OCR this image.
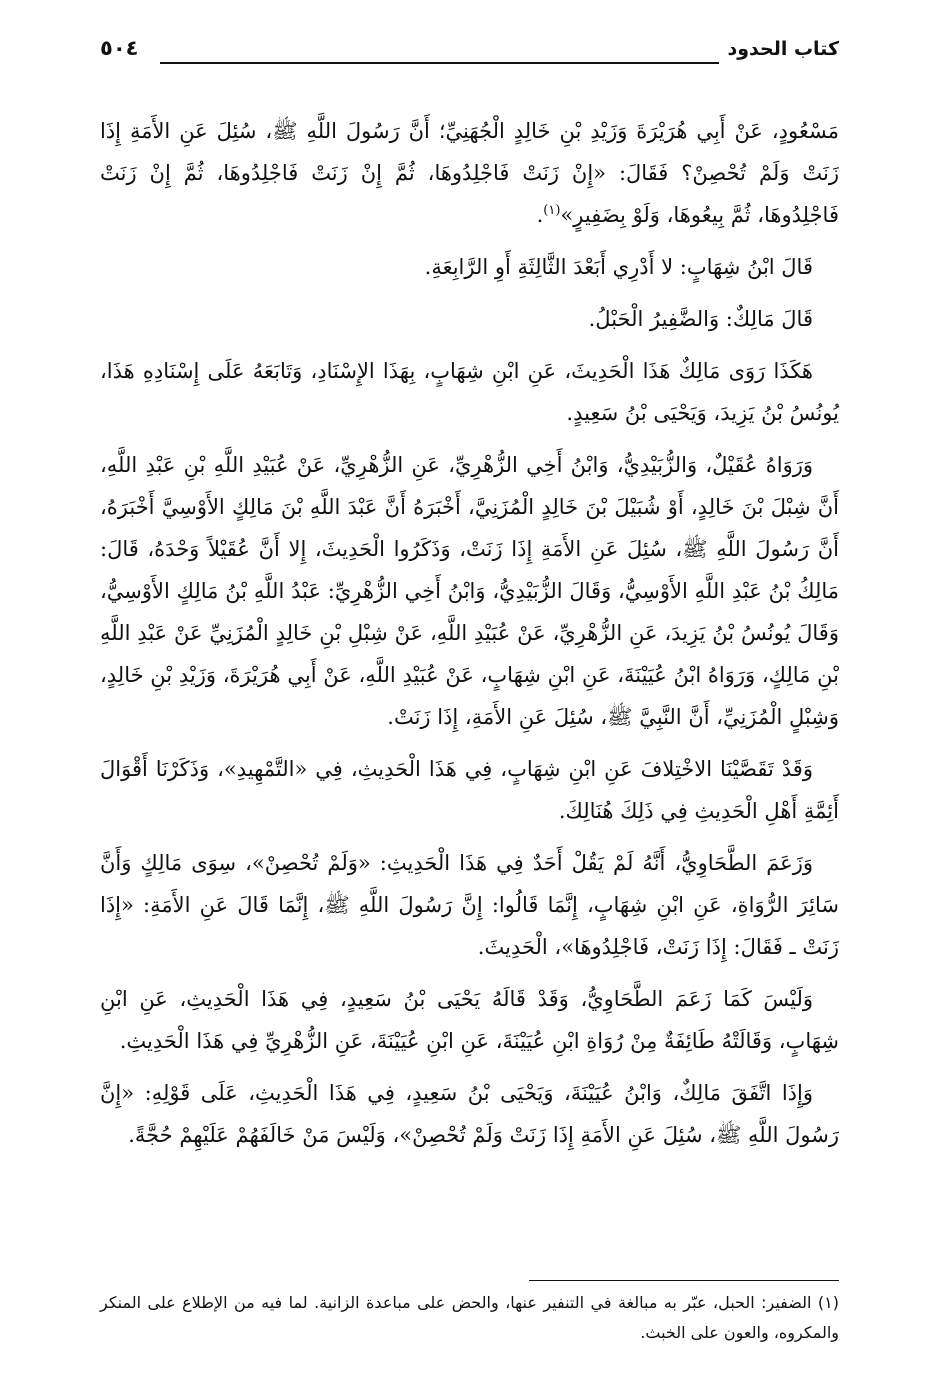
كتاب الحدود
٥٠٤

مَسْعُودٍ، عَنْ أَبِي هُرَيْرَةَ وَزَيْدِ بْنِ خَالِدٍ الْجُهَنِيِّ؛ أَنَّ رَسُولَ اللَّهِ ﷺ، سُئِلَ عَنِ الأَمَةِ إِذَا زَنَتْ وَلَمْ تُحْصِنْ؟ فَقَالَ: «إِنْ زَنَتْ فَاجْلِدُوهَا، ثُمَّ إِنْ زَنَتْ فَاجْلِدُوهَا، ثُمَّ إِنْ زَنَتْ فَاجْلِدُوهَا، ثُمَّ بِيعُوهَا، وَلَوْ بِضَفِيرٍ»$^{(١)}$.

قَالَ ابْنُ شِهَابٍ: لا أَدْرِي أَبَعْدَ الثَّالِثَةِ أَوِ الرَّابِعَةِ.

قَالَ مَالِكٌ: وَالضَّفِيرُ الْحَبْلُ.

هَكَذَا رَوَى مَالِكٌ هَذَا الْحَدِيثَ، عَنِ ابْنِ شِهَابٍ، بِهَذَا الإِسْنَادِ، وَتَابَعَهُ عَلَى إِسْنَادِهِ هَذَا، يُونُسُ بْنُ يَزِيدَ، وَيَحْيَى بْنُ سَعِيدٍ.

وَرَوَاهُ عُقَيْلٌ، وَالزُّبَيْدِيُّ، وَابْنُ أَخِي الزُّهْرِيِّ، عَنِ الزُّهْرِيِّ، عَنْ عُبَيْدِ اللَّهِ بْنِ عَبْدِ اللَّهِ، أَنَّ شِبْلَ بْنَ خَالِدٍ، أَوْ شُبَيْلَ بْنَ خَالِدٍ الْمُزَنِيَّ، أَخْبَرَهُ أَنَّ عَبْدَ اللَّهِ بْنَ مَالِكٍ الأَوْسِيَّ أَخْبَرَهُ، أَنَّ رَسُولَ اللَّهِ ﷺ، سُئِلَ عَنِ الأَمَةِ إِذَا زَنَتْ، وَذَكَرُوا الْحَدِيثَ، إِلا أَنَّ عُقَيْلاً وَحْدَهُ، قَالَ: مَالِكُ بْنُ عَبْدِ اللَّهِ الأَوْسِيُّ، وَقَالَ الزُّبَيْدِيُّ، وَابْنُ أَخِي الزُّهْرِيِّ: عَبْدُ اللَّهِ بْنُ مَالِكٍ الأَوْسِيُّ، وَقَالَ يُونُسُ بْنُ يَزِيدَ، عَنِ الزُّهْرِيِّ، عَنْ عُبَيْدِ اللَّهِ، عَنْ شِبْلِ بْنِ خَالِدٍ الْمُزَنِيِّ عَنْ عَبْدِ اللَّهِ بْنِ مَالِكٍ، وَرَوَاهُ ابْنُ عُيَيْنَةَ، عَنِ ابْنِ شِهَابٍ، عَنْ عُبَيْدِ اللَّهِ، عَنْ أَبِي هُرَيْرَةَ، وَزَيْدِ بْنِ خَالِدٍ، وَشِبْلٍ الْمُزَنِيِّ، أَنَّ النَّبِيَّ ﷺ، سُئِلَ عَنِ الأَمَةِ، إِذَا زَنَتْ.

وَقَدْ تَقَصَّيْنَا الاخْتِلافَ عَنِ ابْنِ شِهَابٍ، فِي هَذَا الْحَدِيثِ، فِي «التَّمْهِيدِ»، وَذَكَرْنَا أَقْوَالَ أَئِمَّةِ أَهْلِ الْحَدِيثِ فِي ذَلِكَ هُنَالِكَ.

وَزَعَمَ الطَّحَاوِيُّ، أَنَّهُ لَمْ يَقُلْ أَحَدٌ فِي هَذَا الْحَدِيثِ: «وَلَمْ تُحْصِنْ»، سِوَى مَالِكٍ وَأَنَّ سَائِرَ الرُّوَاةِ، عَنِ ابْنِ شِهَابٍ، إِنَّمَا قَالُوا: إِنَّ رَسُولَ اللَّهِ ﷺ، إِنَّمَا قَالَ عَنِ الأَمَةِ: «إِذَا زَنَتْ ـ فَقَالَ: إِذَا زَنَتْ، فَاجْلِدُوهَا»، الْحَدِيثَ.

وَلَيْسَ كَمَا زَعَمَ الطَّحَاوِيُّ، وَقَدْ قَالَهُ يَحْيَى بْنُ سَعِيدٍ، فِي هَذَا الْحَدِيثِ، عَنِ ابْنِ شِهَابٍ، وَقَالَتْهُ طَائِفَةٌ مِنْ رُوَاةِ ابْنِ عُيَيْنَةَ، عَنِ ابْنِ عُيَيْنَةَ، عَنِ الزُّهْرِيِّ فِي هَذَا الْحَدِيثِ.

وَإِذَا اتَّفَقَ مَالِكٌ، وَابْنُ عُيَيْنَةَ، وَيَحْيَى بْنُ سَعِيدٍ، فِي هَذَا الْحَدِيثِ، عَلَى قَوْلِهِ: «إِنَّ رَسُولَ اللَّهِ ﷺ، سُئِلَ عَنِ الأَمَةِ إِذَا زَنَتْ وَلَمْ تُحْصِنْ»، وَلَيْسَ مَنْ خَالَفَهُمْ عَلَيْهِمْ حُجَّةً.

(١) الضفير: الحبل، عبّر به مبالغة في التنفير عنها، والحض على مباعدة الزانية. لما فيه من الإطلاع على المنكر والمكروه، والعون على الخبث.
